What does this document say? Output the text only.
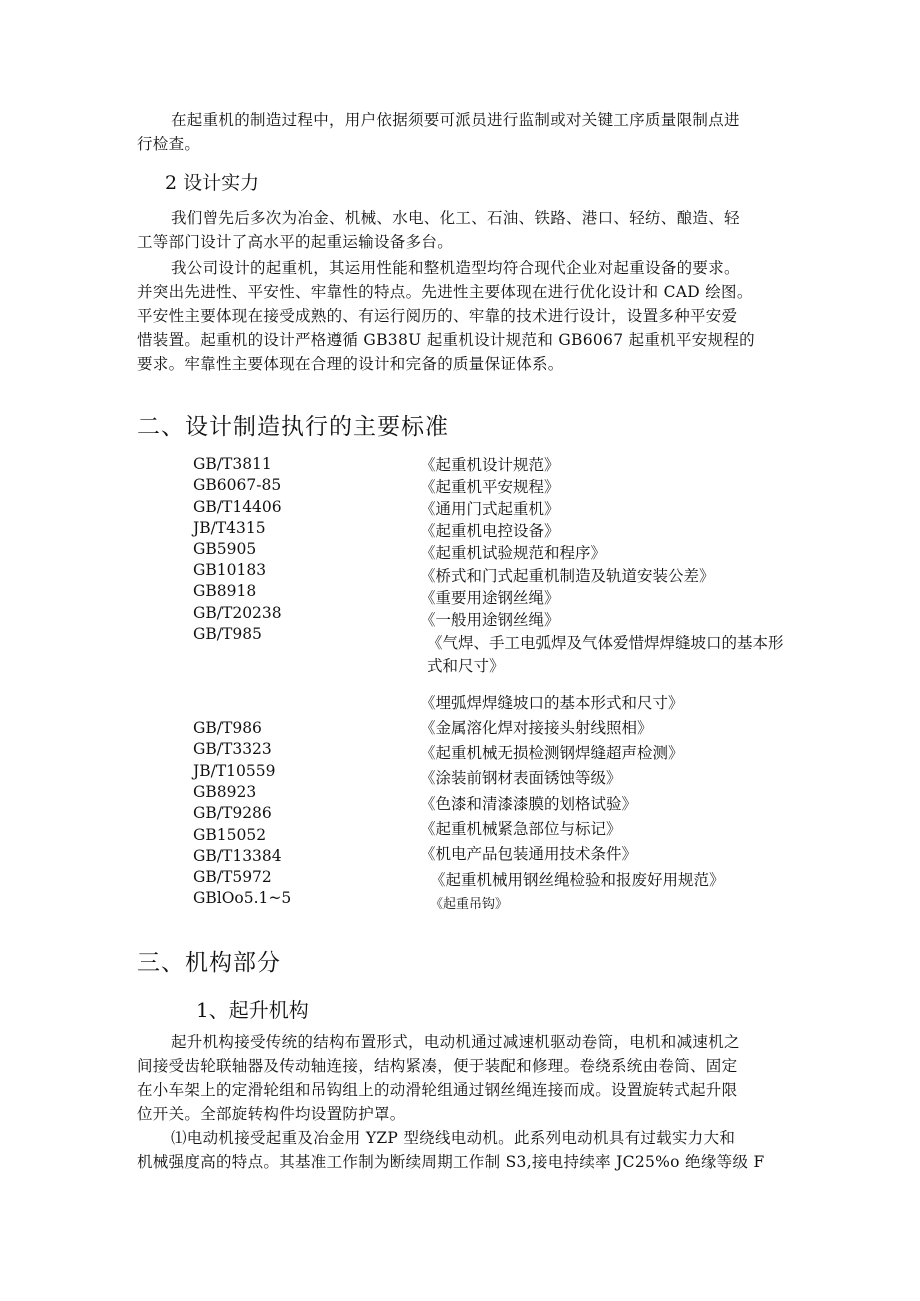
在起重机的制造过程中，用户依据须要可派员进行监制或对关键工序质量限制点进
行检查。
2 设计实力
我们曾先后多次为冶金、机械、水电、化工、石油、铁路、港口、轻纺、酿造、轻
工等部门设计了高水平的起重运输设备多台。
我公司设计的起重机，其运用性能和整机造型均符合现代企业对起重设备的要求。
并突出先进性、平安性、牢靠性的特点。先进性主要体现在进行优化设计和 CAD 绘图。
平安性主要体现在接受成熟的、有运行阅历的、牢靠的技术进行设计，设置多种平安爱
惜装置。起重机的设计严格遵循 GB38U 起重机设计规范和 GB6067 起重机平安规程的
要求。牢靠性主要体现在合理的设计和完备的质量保证体系。
二、设计制造执行的主要标准
GB/T3811
GB6067-85
GB/T14406
JB/T4315
GB5905
GB10183
GB8918
GB/T20238
GB/T985
《起重机设计规范》
《起重机平安规程》
《通用门式起重机》
《起重机电控设备》
《起重机试验规范和程序》
《桥式和门式起重机制造及轨道安装公差》
《重要用途钢丝绳》
《一般用途钢丝绳》
《气焊、手工电弧焊及气体爱惜焊焊缝坡口的基本形式和尺寸》
《埋弧焊焊缝坡口的基本形式和尺寸》
GB/T986
GB/T3323
JB/T10559
GB8923
GB/T9286
GB15052
GB/T13384
GB/T5972
GBlOo5.1~5
《金属溶化焊对接接头射线照相》
《起重机械无损检测钢焊缝超声检测》
《涂装前钢材表面锈蚀等级》
《色漆和清漆漆膜的划格试验》
《起重机械紧急部位与标记》
《机电产品包装通用技术条件》
《起重机械用钢丝绳检验和报废好用规范》
《起重吊钩》
三、机构部分
1、起升机构
起升机构接受传统的结构布置形式，电动机通过减速机驱动卷筒，电机和减速机之
间接受齿轮联轴器及传动轴连接，结构紧凑，便于装配和修理。卷绕系统由卷筒、固定
在小车架上的定滑轮组和吊钩组上的动滑轮组通过钢丝绳连接而成。设置旋转式起升限
位开关。全部旋转构件均设置防护罩。
⑴电动机接受起重及冶金用 YZP 型绕线电动机。此系列电动机具有过载实力大和
机械强度高的特点。其基准工作制为断续周期工作制 S3,接电持续率 JC25%o 绝缘等级 F
